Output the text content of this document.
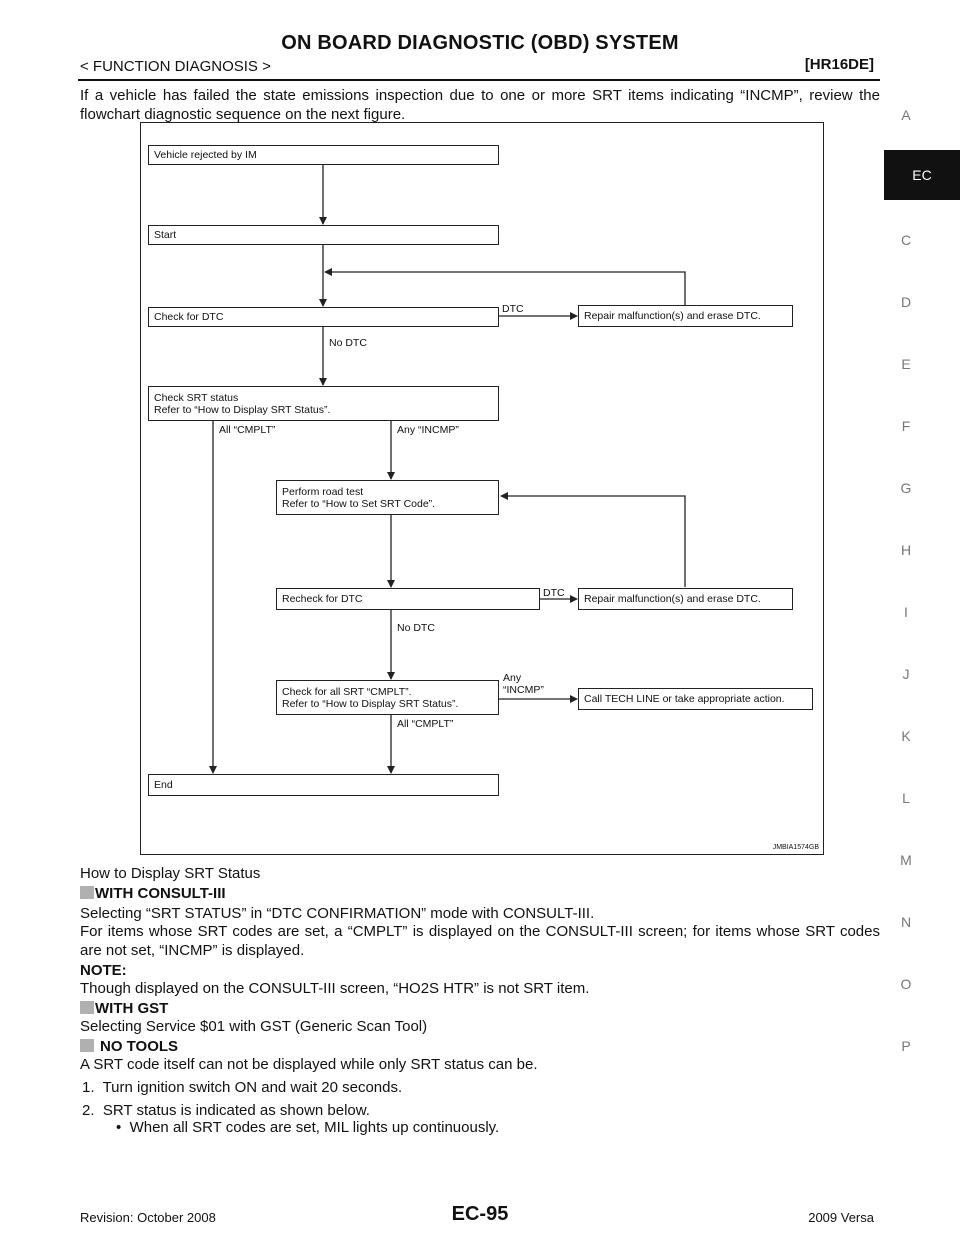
ON BOARD DIAGNOSTIC (OBD) SYSTEM
< FUNCTION DIAGNOSIS >	[HR16DE]
If a vehicle has failed the state emissions inspection due to one or more SRT items indicating “INCMP”, review the flowchart diagnostic sequence on the next figure.
Vehicle rejected by IM
Start
Check for DTC	Repair malfunction(s) and erase DTC.
Check SRT status
Refer to “How to Display SRT Status”.
Perform road test
Refer to “How to Set SRT Code”.
Recheck for DTC	Repair malfunction(s) and erase DTC.
Check for all SRT “CMPLT”.
Refer to “How to Display SRT Status”.	Call TECH LINE or take appropriate action.
End
DTC
No DTC
All “CMPLT”	Any “INCMP”
DTC
No DTC
Any
“INCMP”
All “CMPLT”
JMBIA1574GB
How to Display SRT Status
WITH CONSULT-III
Selecting “SRT STATUS” in “DTC CONFIRMATION” mode with CONSULT-III.
For items whose SRT codes are set, a “CMPLT” is displayed on the CONSULT-III screen; for items whose SRT codes are not set, “INCMP” is displayed.
NOTE:
Though displayed on the CONSULT-III screen, “HO2S HTR” is not SRT item.
WITH GST
Selecting Service $01 with GST (Generic Scan Tool)
NO TOOLS
A SRT code itself can not be displayed while only SRT status can be.
1.  Turn ignition switch ON and wait 20 seconds.
2.  SRT status is indicated as shown below.
•  When all SRT codes are set, MIL lights up continuously.
EC
A
C
D
E
F
G
H
I
J
K
L
M
N
O
P
Revision: October 2008	EC-95	2009 Versa
